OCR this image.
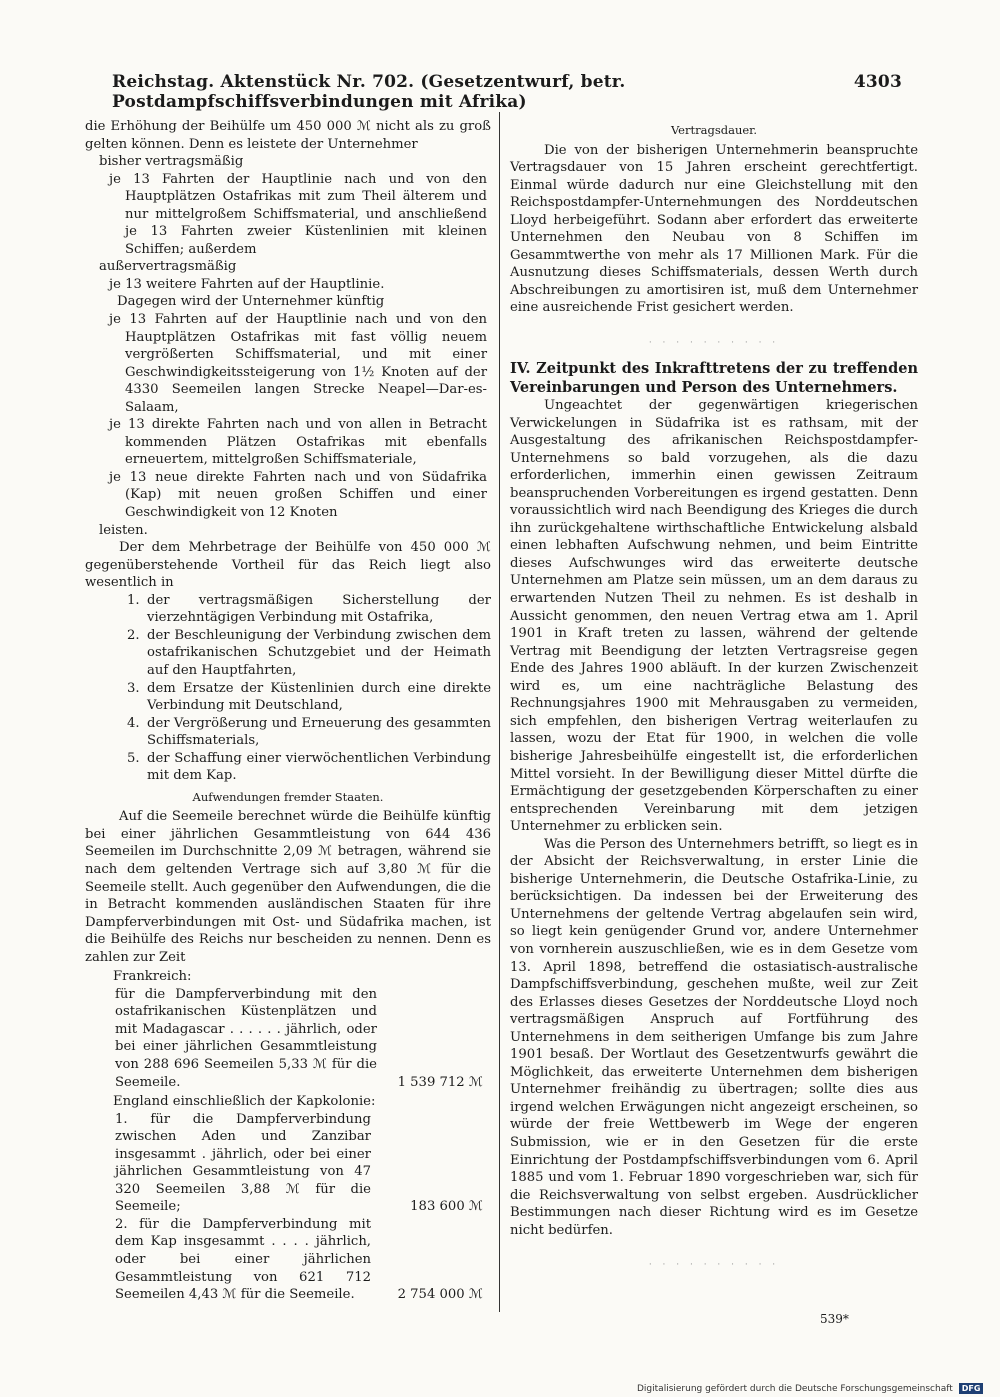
Reichstag. Aktenstück Nr. 702. (Gesetzentwurf, betr. Postdampfschiffsverbindungen mit Afrika)
4303

die Erhöhung der Beihülfe um 450 000 ℳ nicht als zu groß gelten können. Denn es leistete der Unternehmer

bisher vertragsmäßig

je 13 Fahrten der Hauptlinie nach und von den Hauptplätzen Ostafrikas mit zum Theil älterem und nur mittelgroßem Schiffsmaterial, und anschließend je 13 Fahrten zweier Küstenlinien mit kleinen Schiffen; außerdem

außervertragsmäßig

je 13 weitere Fahrten auf der Hauptlinie.

Dagegen wird der Unternehmer künftig

je 13 Fahrten auf der Hauptlinie nach und von den Hauptplätzen Ostafrikas mit fast völlig neuem vergrößerten Schiffsmaterial, und mit einer Geschwindigkeitssteigerung von 1½ Knoten auf der 4330 Seemeilen langen Strecke Neapel—Dar-es-Salaam,

je 13 direkte Fahrten nach und von allen in Betracht kommenden Plätzen Ostafrikas mit ebenfalls erneuertem, mittelgroßen Schiffsmateriale,

je 13 neue direkte Fahrten nach und von Südafrika (Kap) mit neuen großen Schiffen und einer Geschwindigkeit von 12 Knoten

leisten.

Der dem Mehrbetrage der Beihülfe von 450 000 ℳ gegenüberstehende Vortheil für das Reich liegt also wesentlich in

1. der vertragsmäßigen Sicherstellung der vierzehntägigen Verbindung mit Ostafrika,

2. der Beschleunigung der Verbindung zwischen dem ostafrikanischen Schutzgebiet und der Heimath auf den Hauptfahrten,

3. dem Ersatze der Küstenlinien durch eine direkte Verbindung mit Deutschland,

4. der Vergrößerung und Erneuerung des gesammten Schiffsmaterials,

5. der Schaffung einer vierwöchentlichen Verbindung mit dem Kap.

Aufwendungen fremder Staaten.

Auf die Seemeile berechnet würde die Beihülfe künftig bei einer jährlichen Gesammtleistung von 644 436 Seemeilen im Durchschnitte 2,09 ℳ betragen, während sie nach dem geltenden Vertrage sich auf 3,80 ℳ für die Seemeile stellt. Auch gegenüber den Aufwendungen, die die in Betracht kommenden ausländischen Staaten für ihre Dampferverbindungen mit Ost- und Südafrika machen, ist die Beihülfe des Reichs nur bescheiden zu nennen. Denn es zahlen zur Zeit

Frankreich:

für die Dampferverbindung mit den ostafrikanischen Küstenplätzen und mit Madagascar . . . . . . jährlich, oder bei einer jährlichen Gesammtleistung von 288 696 Seemeilen 5,33 ℳ für die Seemeile.	1 539 712 ℳ

England einschließlich der Kapkolonie:

1. für die Dampferverbindung zwischen Aden und Zanzibar insgesammt . jährlich, oder bei einer jährlichen Gesammtleistung von 47 320 Seemeilen 3,88 ℳ für die Seemeile;	183 600 ℳ
2. für die Dampferverbindung mit dem Kap insgesammt . . . . jährlich, oder bei einer jährlichen Gesammtleistung von 621 712 Seemeilen 4,43 ℳ für die Seemeile.	2 754 000 ℳ

Vertragsdauer.

Die von der bisherigen Unternehmerin beanspruchte Vertragsdauer von 15 Jahren erscheint gerechtfertigt. Einmal würde dadurch nur eine Gleichstellung mit den Reichspostdampfer-Unternehmungen des Norddeutschen Lloyd herbeigeführt. Sodann aber erfordert das erweiterte Unternehmen den Neubau von 8 Schiffen im Gesammtwerthe von mehr als 17 Millionen Mark. Für die Ausnutzung dieses Schiffsmaterials, dessen Werth durch Abschreibungen zu amortisiren ist, muß dem Unternehmer eine ausreichende Frist gesichert werden.

· · · · · · · · · ·

IV. Zeitpunkt des Inkrafttretens der zu treffenden Vereinbarungen und Person des Unternehmers.

Ungeachtet der gegenwärtigen kriegerischen Verwickelungen in Südafrika ist es rathsam, mit der Ausgestaltung des afrikanischen Reichspostdampfer-Unternehmens so bald vorzugehen, als die dazu erforderlichen, immerhin einen gewissen Zeitraum beanspruchenden Vorbereitungen es irgend gestatten. Denn voraussichtlich wird nach Beendigung des Krieges die durch ihn zurückgehaltene wirthschaftliche Entwickelung alsbald einen lebhaften Aufschwung nehmen, und beim Eintritte dieses Aufschwunges wird das erweiterte deutsche Unternehmen am Platze sein müssen, um an dem daraus zu erwartenden Nutzen Theil zu nehmen. Es ist deshalb in Aussicht genommen, den neuen Vertrag etwa am 1. April 1901 in Kraft treten zu lassen, während der geltende Vertrag mit Beendigung der letzten Vertragsreise gegen Ende des Jahres 1900 abläuft. In der kurzen Zwischenzeit wird es, um eine nachträgliche Belastung des Rechnungsjahres 1900 mit Mehrausgaben zu vermeiden, sich empfehlen, den bisherigen Vertrag weiterlaufen zu lassen, wozu der Etat für 1900, in welchen die volle bisherige Jahresbeihülfe eingestellt ist, die erforderlichen Mittel vorsieht. In der Bewilligung dieser Mittel dürfte die Ermächtigung der gesetzgebenden Körperschaften zu einer entsprechenden Vereinbarung mit dem jetzigen Unternehmer zu erblicken sein.

Was die Person des Unternehmers betrifft, so liegt es in der Absicht der Reichsverwaltung, in erster Linie die bisherige Unternehmerin, die Deutsche Ostafrika-Linie, zu berücksichtigen. Da indessen bei der Erweiterung des Unternehmens der geltende Vertrag abgelaufen sein wird, so liegt kein genügender Grund vor, andere Unternehmer von vornherein auszuschließen, wie es in dem Gesetze vom 13. April 1898, betreffend die ostasiatisch-australische Dampfschiffsverbindung, geschehen mußte, weil zur Zeit des Erlasses dieses Gesetzes der Norddeutsche Lloyd noch vertragsmäßigen Anspruch auf Fortführung des Unternehmens in dem seitherigen Umfange bis zum Jahre 1901 besaß. Der Wortlaut des Gesetzentwurfs gewährt die Möglichkeit, das erweiterte Unternehmen dem bisherigen Unternehmer freihändig zu übertragen; sollte dies aus irgend welchen Erwägungen nicht angezeigt erscheinen, so würde der freie Wettbewerb im Wege der engeren Submission, wie er in den Gesetzen für die erste Einrichtung der Postdampfschiffsverbindungen vom 6. April 1885 und vom 1. Februar 1890 vorgeschrieben war, sich für die Reichsverwaltung von selbst ergeben. Ausdrücklicher Bestimmungen nach dieser Richtung wird es im Gesetze nicht bedürfen.

· · · · · · · · · ·
539*
Digitalisierung gefördert durch die Deutsche Forschungsgemeinschaft	DFG
